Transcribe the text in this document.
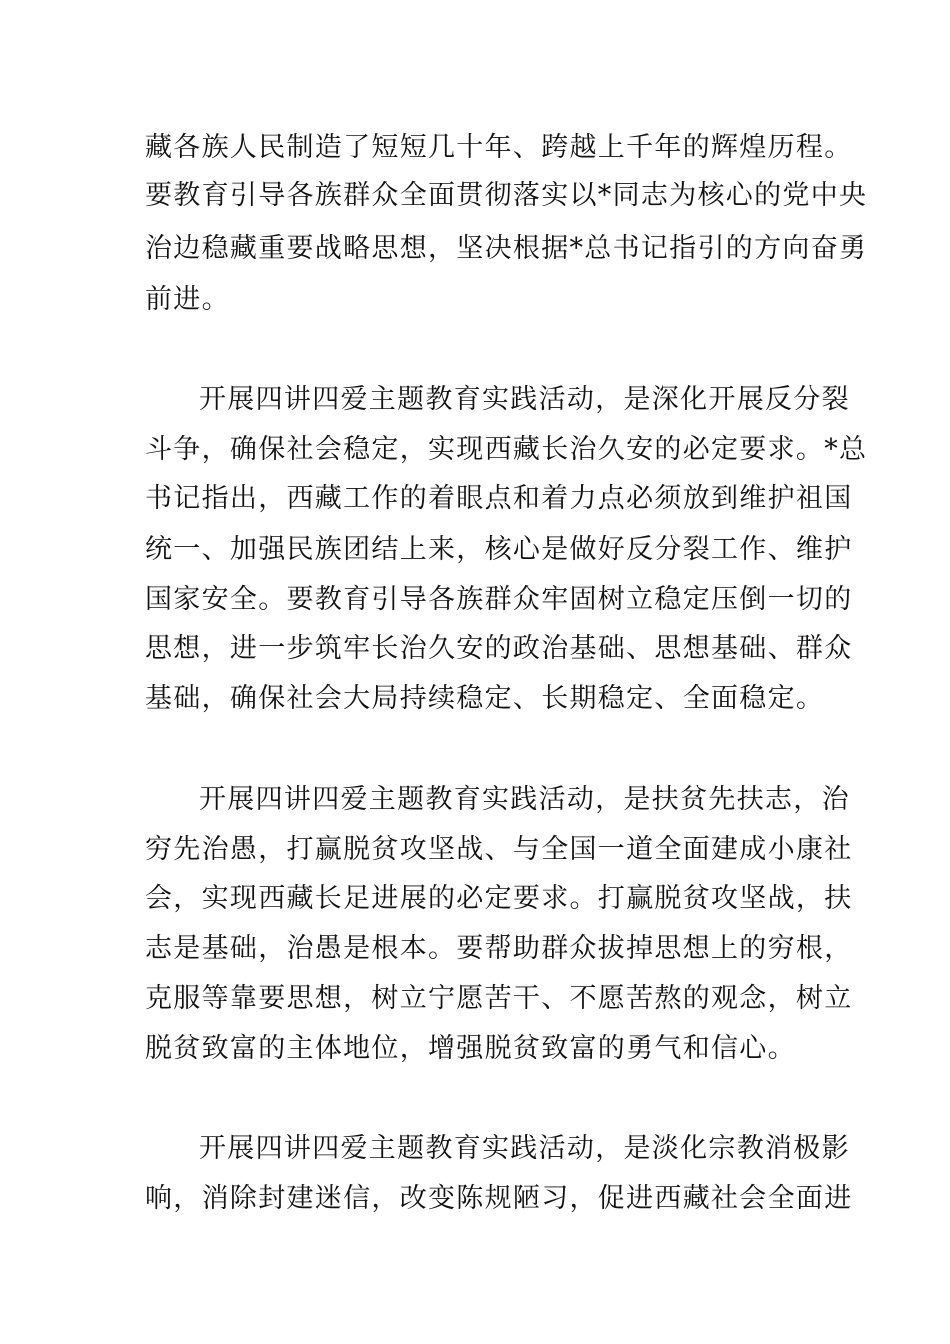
藏各族人民制造了短短几十年、跨越上千年的辉煌历程。
要教育引导各族群众全面贯彻落实以*同志为核心的党中央
治边稳藏重要战略思想，坚决根据*总书记指引的方向奋勇
前进。
开展四讲四爱主题教育实践活动，是深化开展反分裂
斗争，确保社会稳定，实现西藏长治久安的必定要求。*总
书记指出，西藏工作的着眼点和着力点必须放到维护祖国
统一、加强民族团结上来，核心是做好反分裂工作、维护
国家安全。要教育引导各族群众牢固树立稳定压倒一切的
思想，进一步筑牢长治久安的政治基础、思想基础、群众
基础，确保社会大局持续稳定、长期稳定、全面稳定。
开展四讲四爱主题教育实践活动，是扶贫先扶志，治
穷先治愚，打赢脱贫攻坚战、与全国一道全面建成小康社
会，实现西藏长足进展的必定要求。打赢脱贫攻坚战，扶
志是基础，治愚是根本。要帮助群众拔掉思想上的穷根，
克服等靠要思想，树立宁愿苦干、不愿苦熬的观念，树立
脱贫致富的主体地位，增强脱贫致富的勇气和信心。
开展四讲四爱主题教育实践活动，是淡化宗教消极影
响，消除封建迷信，改变陈规陋习，促进西藏社会全面进
